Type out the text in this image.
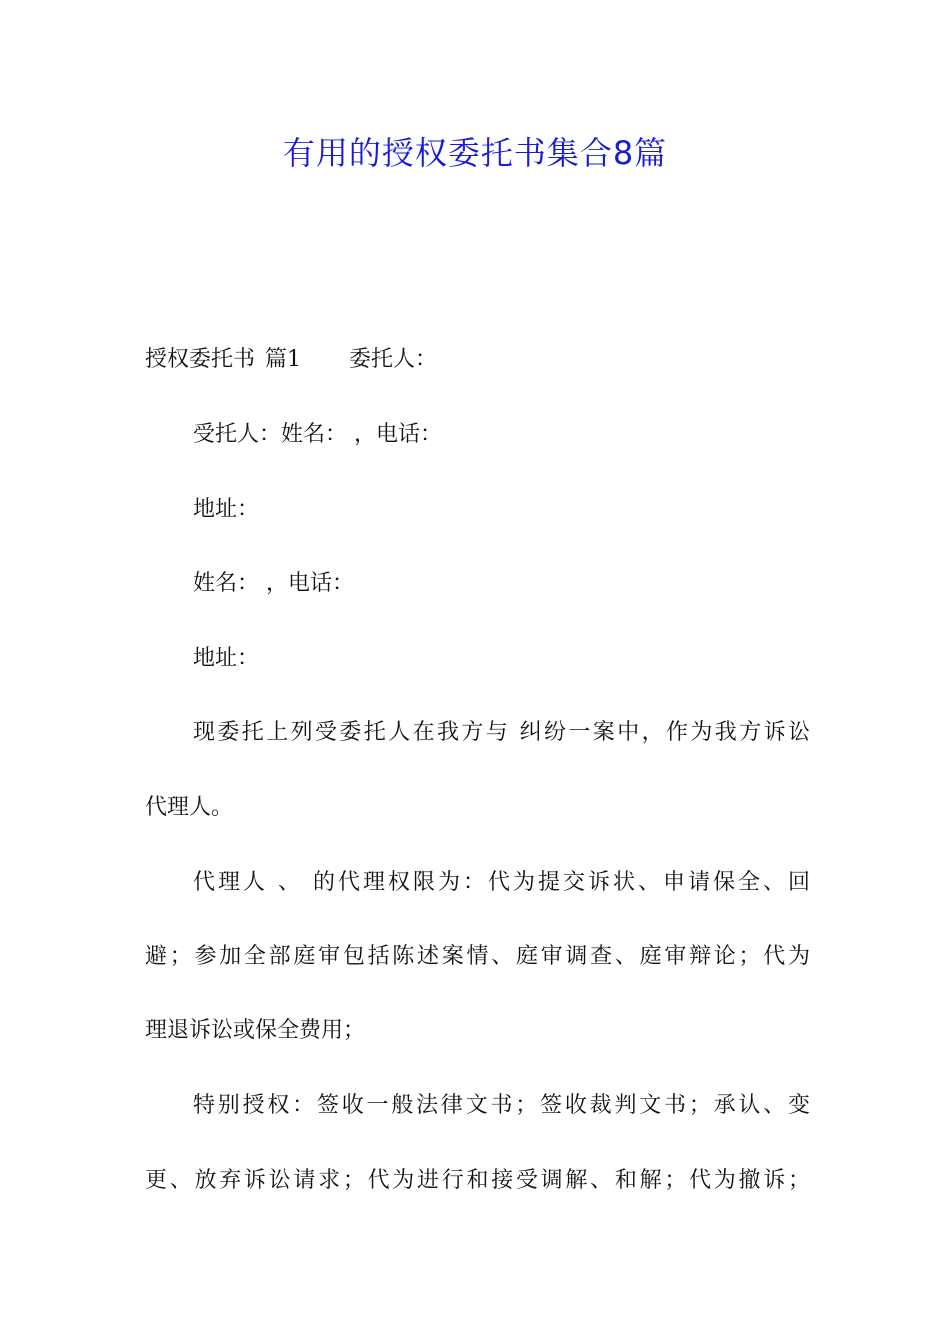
有用的授权委托书集合8篇
授权委托书 篇1 委托人：
受托人：姓名： ，电话：
地址：
姓名： ，电话：
地址：
现委托上列受委托人在我方与 纠纷一案中，作为我方诉讼
代理人。
代理人 、 的代理权限为：代为提交诉状、申请保全、回
避；参加全部庭审包括陈述案情、庭审调查、庭审辩论；代为
理退诉讼或保全费用；
特别授权：签收一般法律文书；签收裁判文书；承认、变
更、放弃诉讼请求；代为进行和接受调解、和解；代为撤诉；
